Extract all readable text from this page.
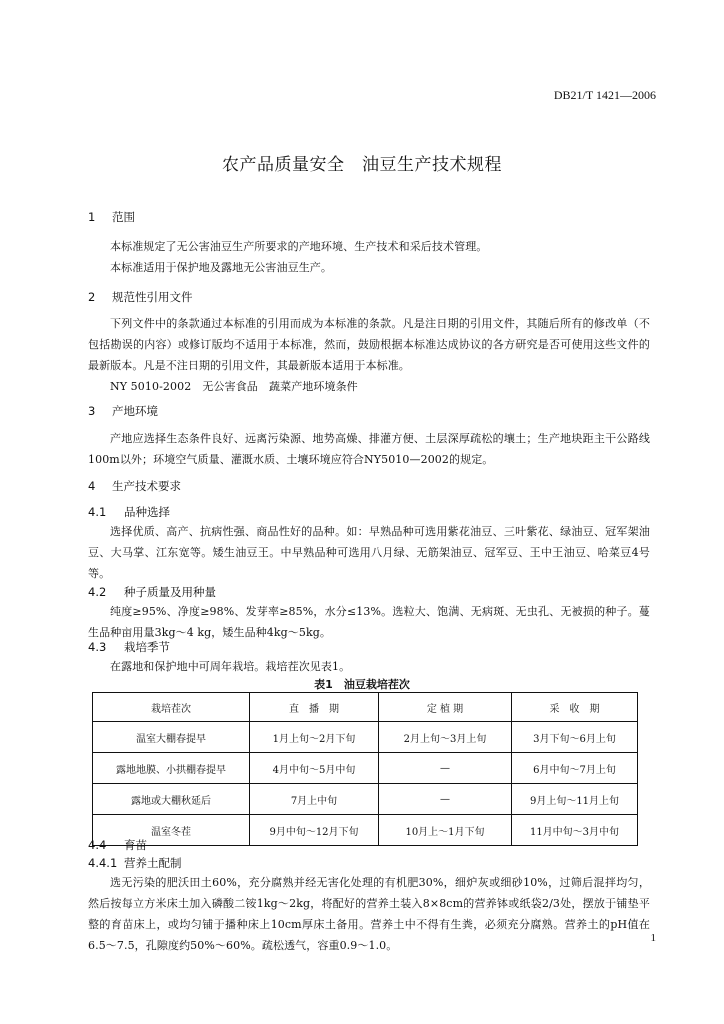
DB21/T 1421—2006
农产品质量安全　油豆生产技术规程
1	范围
本标准规定了无公害油豆生产所要求的产地环境、生产技术和采后技术管理。
本标准适用于保护地及露地无公害油豆生产。
2	规范性引用文件
下列文件中的条款通过本标准的引用而成为本标准的条款。凡是注日期的引用文件，其随后所有的修改单（不包括勘误的内容）或修订版均不适用于本标准，然而，鼓励根据本标准达成协议的各方研究是否可使用这些文件的最新版本。凡是不注日期的引用文件，其最新版本适用于本标准。
NY 5010-2002　无公害食品　蔬菜产地环境条件
3	产地环境
产地应选择生态条件良好、远离污染源、地势高燥、排灌方便、土层深厚疏松的壤土；生产地块距主干公路线100m以外；环境空气质量、灌溉水质、土壤环境应符合NY5010—2002的规定。
4	生产技术要求
4.1	品种选择
选择优质、高产、抗病性强、商品性好的品种。如：早熟品种可选用紫花油豆、三叶紫花、绿油豆、冠军架油豆、大马掌、江东宽等。矮生油豆王。中早熟品种可选用八月绿、无筋架油豆、冠军豆、王中王油豆、哈菜豆4号等。
4.2	种子质量及用种量
纯度≥95%、净度≥98%、发芽率≥85%，水分≤13%。选粒大、饱满、无病斑、无虫孔、无被损的种子。蔓生品种亩用量3kg～4 kg，矮生品种4kg～5kg。
4.3	栽培季节
在露地和保护地中可周年栽培。栽培茬次见表1。
表1　油豆栽培茬次
栽培茬次	直　播　期	定 植 期	采　收　期
温室大棚春提早	1月上旬～2月下旬	2月上旬～3月上旬	3月下旬～6月上旬
露地地膜、小拱棚春提早	4月中旬～5月中旬	—	6月中旬～7月上旬
露地或大棚秋延后	7月上中旬	—	9月上旬～11月上旬
温室冬茬	9月中旬～12月下旬	10月上～1月下旬	11月中旬～3月中旬
4.4	育苗
4.4.1 营养土配制
选无污染的肥沃田土60%，充分腐熟并经无害化处理的有机肥30%，细炉灰或细砂10%，过筛后混拌均匀，然后按每立方米床土加入磷酸二铵1kg～2kg，将配好的营养土装入8×8cm的营养钵或纸袋2/3处，摆放于铺垫平整的育苗床上，或均匀铺于播种床上10cm厚床土备用。营养土中不得有生粪，必须充分腐熟。营养土的pH值在6.5～7.5，孔隙度约50%～60%。疏松透气，容重0.9～1.0。
1
